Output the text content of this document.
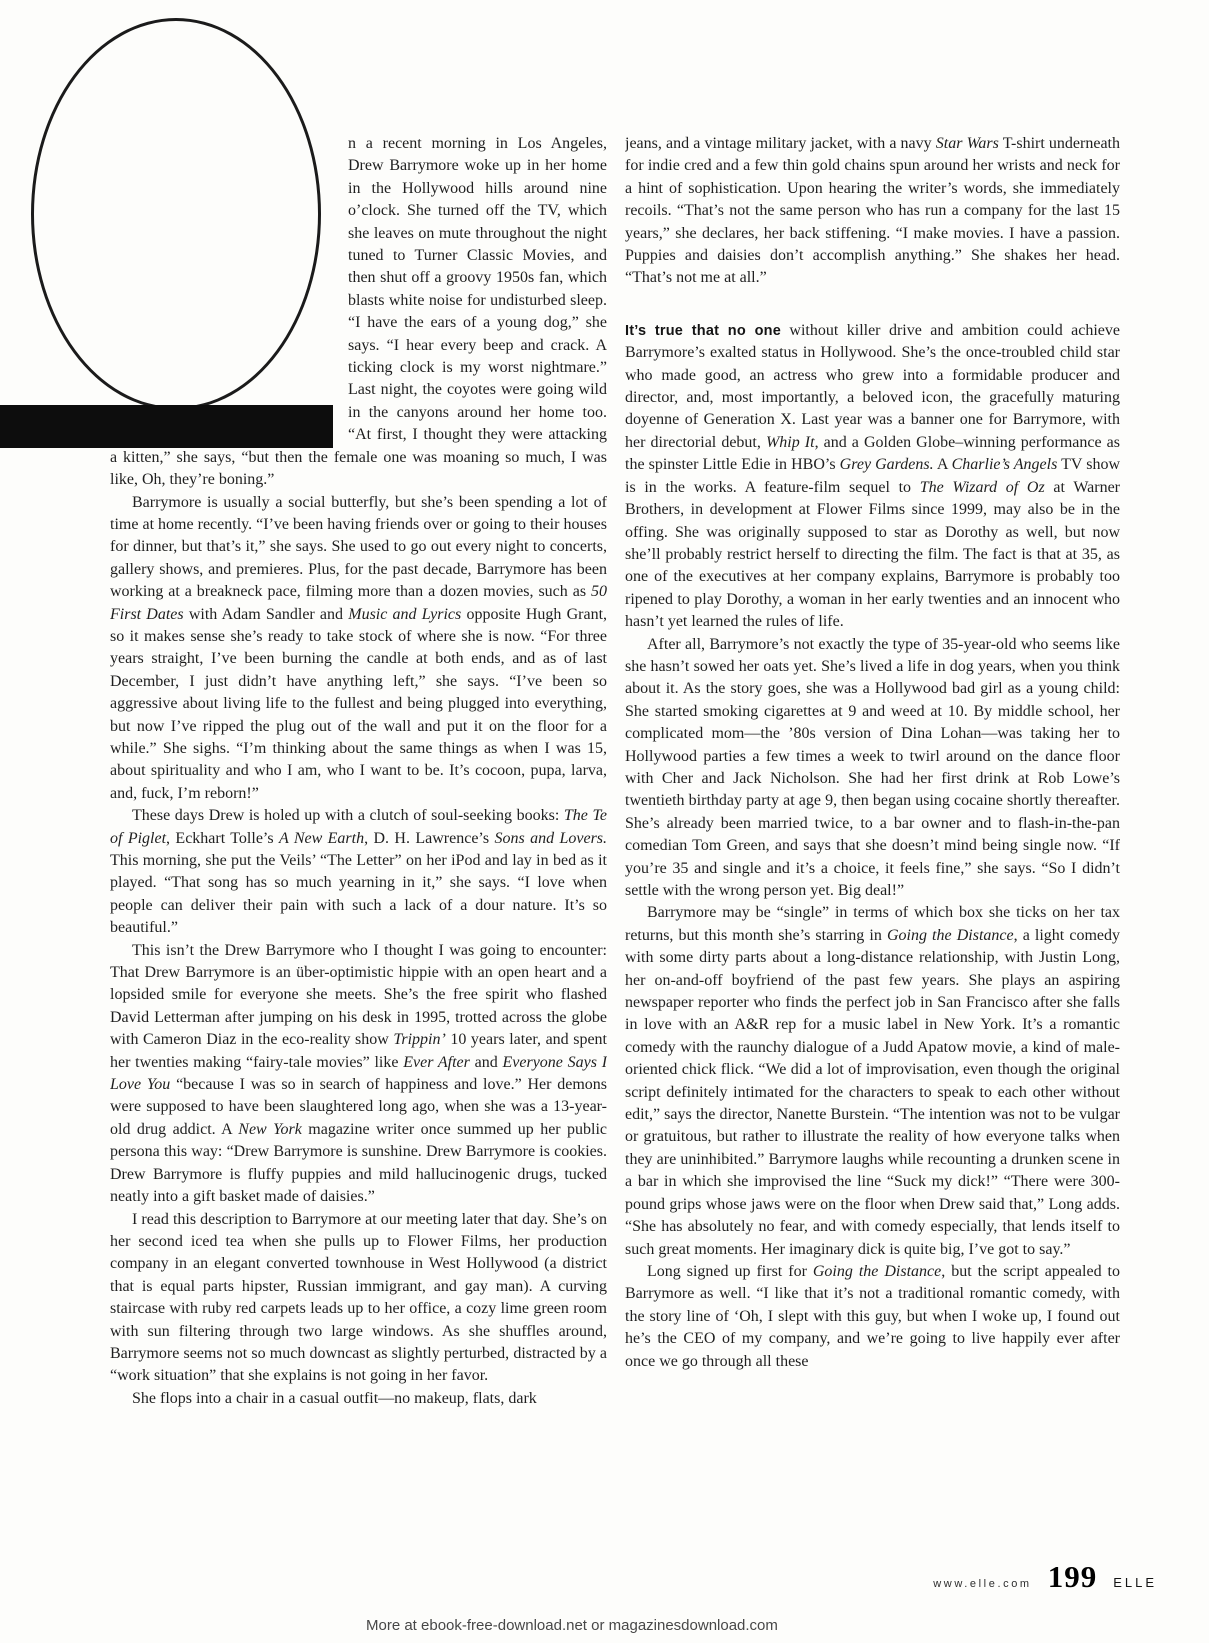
n a recent morning in Los Angeles, Drew Barrymore woke up in her home in the Hollywood hills around nine o’clock. She turned off the TV, which she leaves on mute throughout the night tuned to Turner Classic Movies, and then shut off a groovy 1950s fan, which blasts white noise for undisturbed sleep. “I have the ears of a young dog,” she says. “I hear every beep and crack. A ticking clock is my worst nightmare.” Last night, the coyotes were going wild in the canyons around her home too. “At first, I thought they were attacking a kitten,” she says, “but then the female one was moaning so much, I was like, Oh, they’re boning.”

Barrymore is usually a social butterfly, but she’s been spending a lot of time at home recently. “I’ve been having friends over or going to their houses for dinner, but that’s it,” she says. She used to go out every night to concerts, gallery shows, and premieres. Plus, for the past decade, Barrymore has been working at a breakneck pace, filming more than a dozen movies, such as 50 First Dates with Adam Sandler and Music and Lyrics opposite Hugh Grant, so it makes sense she’s ready to take stock of where she is now. “For three years straight, I’ve been burning the candle at both ends, and as of last December, I just didn’t have anything left,” she says. “I’ve been so aggressive about living life to the fullest and being plugged into everything, but now I’ve ripped the plug out of the wall and put it on the floor for a while.” She sighs. “I’m thinking about the same things as when I was 15, about spirituality and who I am, who I want to be. It’s cocoon, pupa, larva, and, fuck, I’m reborn!”

These days Drew is holed up with a clutch of soul-seeking books: The Te of Piglet, Eckhart Tolle’s A New Earth, D. H. Lawrence’s Sons and Lovers. This morning, she put the Veils’ “The Letter” on her iPod and lay in bed as it played. “That song has so much yearning in it,” she says. “I love when people can deliver their pain with such a lack of a dour nature. It’s so beautiful.”

This isn’t the Drew Barrymore who I thought I was going to encounter: That Drew Barrymore is an über-optimistic hippie with an open heart and a lopsided smile for everyone she meets. She’s the free spirit who flashed David Letterman after jumping on his desk in 1995, trotted across the globe with Cameron Diaz in the eco-reality show Trippin’ 10 years later, and spent her twenties making “fairy-tale movies” like Ever After and Everyone Says I Love You “because I was so in search of happiness and love.” Her demons were supposed to have been slaughtered long ago, when she was a 13-year-old drug addict. A New York magazine writer once summed up her public persona this way: “Drew Barrymore is sunshine. Drew Barrymore is cookies. Drew Barrymore is fluffy puppies and mild hallucinogenic drugs, tucked neatly into a gift basket made of daisies.”

I read this description to Barrymore at our meeting later that day. She’s on her second iced tea when she pulls up to Flower Films, her production company in an elegant converted townhouse in West Hollywood (a district that is equal parts hipster, Russian immigrant, and gay man). A curving staircase with ruby red carpets leads up to her office, a cozy lime green room with sun filtering through two large windows. As she shuffles around, Barrymore seems not so much downcast as slightly perturbed, distracted by a “work situation” that she explains is not going in her favor.

She flops into a chair in a casual outfit—no makeup, flats, dark

jeans, and a vintage military jacket, with a navy Star Wars T-shirt underneath for indie cred and a few thin gold chains spun around her wrists and neck for a hint of sophistication. Upon hearing the writer’s words, she immediately recoils. “That’s not the same person who has run a company for the last 15 years,” she declares, her back stiffening. “I make movies. I have a passion. Puppies and daisies don’t accomplish anything.” She shakes her head. “That’s not me at all.”

It’s true that no one without killer drive and ambition could achieve Barrymore’s exalted status in Hollywood. She’s the once-troubled child star who made good, an actress who grew into a formidable producer and director, and, most importantly, a beloved icon, the gracefully maturing doyenne of Generation X. Last year was a banner one for Barrymore, with her directorial debut, Whip It, and a Golden Globe–winning performance as the spinster Little Edie in HBO’s Grey Gardens. A Charlie’s Angels TV show is in the works. A feature-film sequel to The Wizard of Oz at Warner Brothers, in development at Flower Films since 1999, may also be in the offing. She was originally supposed to star as Dorothy as well, but now she’ll probably restrict herself to directing the film. The fact is that at 35, as one of the executives at her company explains, Barrymore is probably too ripened to play Dorothy, a woman in her early twenties and an innocent who hasn’t yet learned the rules of life.

After all, Barrymore’s not exactly the type of 35-year-old who seems like she hasn’t sowed her oats yet. She’s lived a life in dog years, when you think about it. As the story goes, she was a Hollywood bad girl as a young child: She started smoking cigarettes at 9 and weed at 10. By middle school, her complicated mom—the ’80s version of Dina Lohan—was taking her to Hollywood parties a few times a week to twirl around on the dance floor with Cher and Jack Nicholson. She had her first drink at Rob Lowe’s twentieth birthday party at age 9, then began using cocaine shortly thereafter. She’s already been married twice, to a bar owner and to flash-in-the-pan comedian Tom Green, and says that she doesn’t mind being single now. “If you’re 35 and single and it’s a choice, it feels fine,” she says. “So I didn’t settle with the wrong person yet. Big deal!”

Barrymore may be “single” in terms of which box she ticks on her tax returns, but this month she’s starring in Going the Distance, a light comedy with some dirty parts about a long-distance relationship, with Justin Long, her on-and-off boyfriend of the past few years. She plays an aspiring newspaper reporter who finds the perfect job in San Francisco after she falls in love with an A&R rep for a music label in New York. It’s a romantic comedy with the raunchy dialogue of a Judd Apatow movie, a kind of male-oriented chick flick. “We did a lot of improvisation, even though the original script definitely intimated for the characters to speak to each other without edit,” says the director, Nanette Burstein. “The intention was not to be vulgar or gratuitous, but rather to illustrate the reality of how everyone talks when they are uninhibited.” Barrymore laughs while recounting a drunken scene in a bar in which she improvised the line “Suck my dick!” “There were 300-pound grips whose jaws were on the floor when Drew said that,” Long adds. “She has absolutely no fear, and with comedy especially, that lends itself to such great moments. Her imaginary dick is quite big, I’ve got to say.”

Long signed up first for Going the Distance, but the script appealed to Barrymore as well. “I like that it’s not a traditional romantic comedy, with the story line of ‘Oh, I slept with this guy, but when I woke up, I found out he’s the CEO of my company, and we’re going to live happily ever after once we go through all these

www.elle.com 199 ELLE
More at ebook-free-download.net or magazinesdownload.com
